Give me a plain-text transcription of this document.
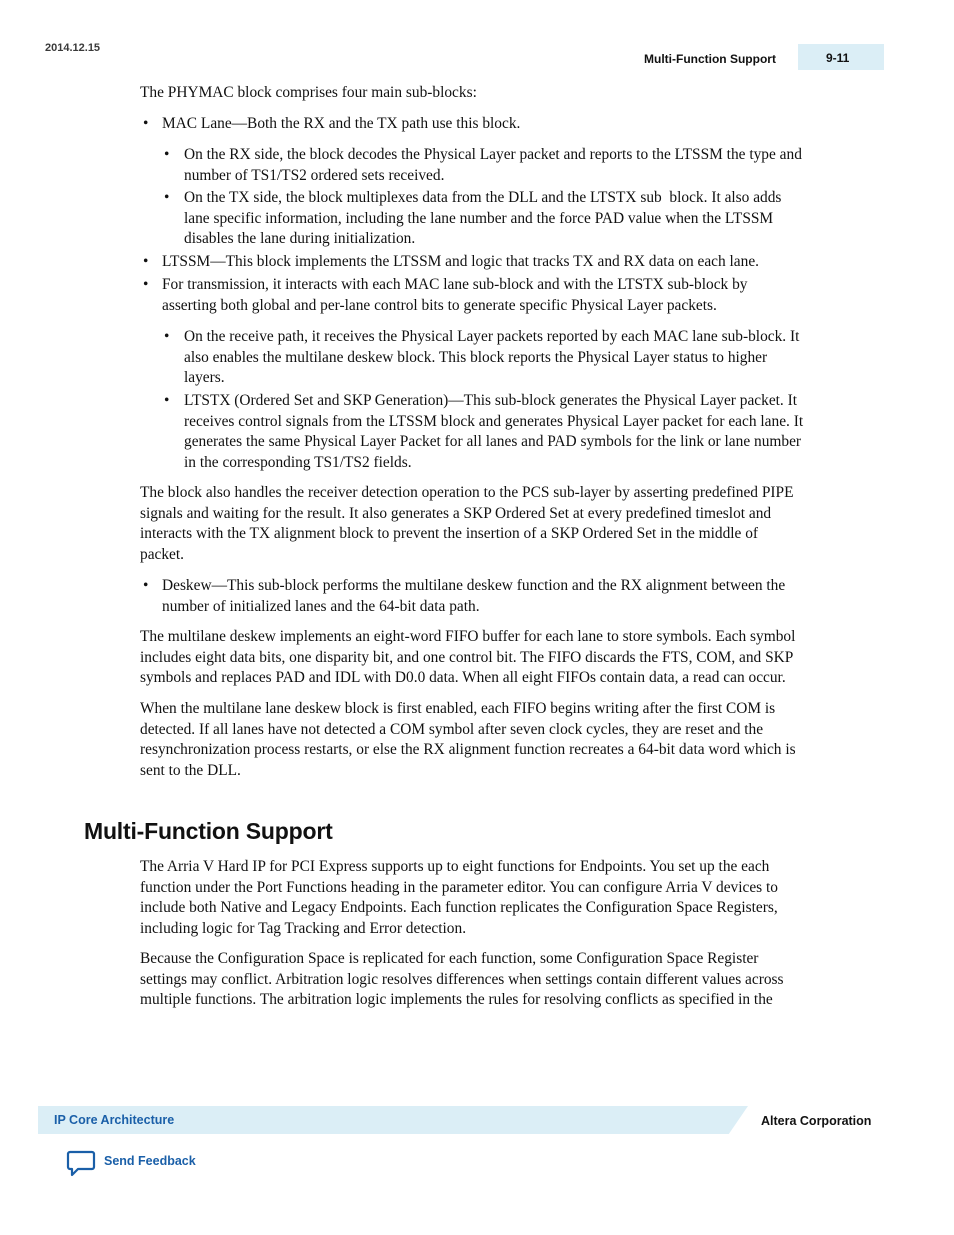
2014.12.15
Multi-Function Support	9-11
The PHYMAC block comprises four main sub-blocks:
• MAC Lane—Both the RX and the TX path use this block.
• On the RX side, the block decodes the Physical Layer packet and reports to the LTSSM the type and
number of TS1/TS2 ordered sets received.
• On the TX side, the block multiplexes data from the DLL and the LTSTX sub  block. It also adds
lane specific information, including the lane number and the force PAD value when the LTSSM
disables the lane during initialization.
• LTSSM—This block implements the LTSSM and logic that tracks TX and RX data on each lane.
• For transmission, it interacts with each MAC lane sub-block and with the LTSTX sub-block by
asserting both global and per-lane control bits to generate specific Physical Layer packets.
• On the receive path, it receives the Physical Layer packets reported by each MAC lane sub-block. It
also enables the multilane deskew block. This block reports the Physical Layer status to higher
layers.
• LTSTX (Ordered Set and SKP Generation)—This sub-block generates the Physical Layer packet. It
receives control signals from the LTSSM block and generates Physical Layer packet for each lane. It
generates the same Physical Layer Packet for all lanes and PAD symbols for the link or lane number
in the corresponding TS1/TS2 fields.
The block also handles the receiver detection operation to the PCS sub-layer by asserting predefined PIPE
signals and waiting for the result. It also generates a SKP Ordered Set at every predefined timeslot and
interacts with the TX alignment block to prevent the insertion of a SKP Ordered Set in the middle of
packet.
• Deskew—This sub-block performs the multilane deskew function and the RX alignment between the
number of initialized lanes and the 64-bit data path.
The multilane deskew implements an eight-word FIFO buffer for each lane to store symbols. Each symbol
includes eight data bits, one disparity bit, and one control bit. The FIFO discards the FTS, COM, and SKP
symbols and replaces PAD and IDL with D0.0 data. When all eight FIFOs contain data, a read can occur.
When the multilane lane deskew block is first enabled, each FIFO begins writing after the first COM is
detected. If all lanes have not detected a COM symbol after seven clock cycles, they are reset and the
resynchronization process restarts, or else the RX alignment function recreates a 64-bit data word which is
sent to the DLL.
Multi-Function Support
The Arria V Hard IP for PCI Express supports up to eight functions for Endpoints. You set up the each
function under the Port Functions heading in the parameter editor. You can configure Arria V devices to
include both Native and Legacy Endpoints. Each function replicates the Configuration Space Registers,
including logic for Tag Tracking and Error detection.
Because the Configuration Space is replicated for each function, some Configuration Space Register
settings may conflict. Arbitration logic resolves differences when settings contain different values across
multiple functions. The arbitration logic implements the rules for resolving conflicts as specified in the
IP Core Architecture	Altera Corporation
Send Feedback
